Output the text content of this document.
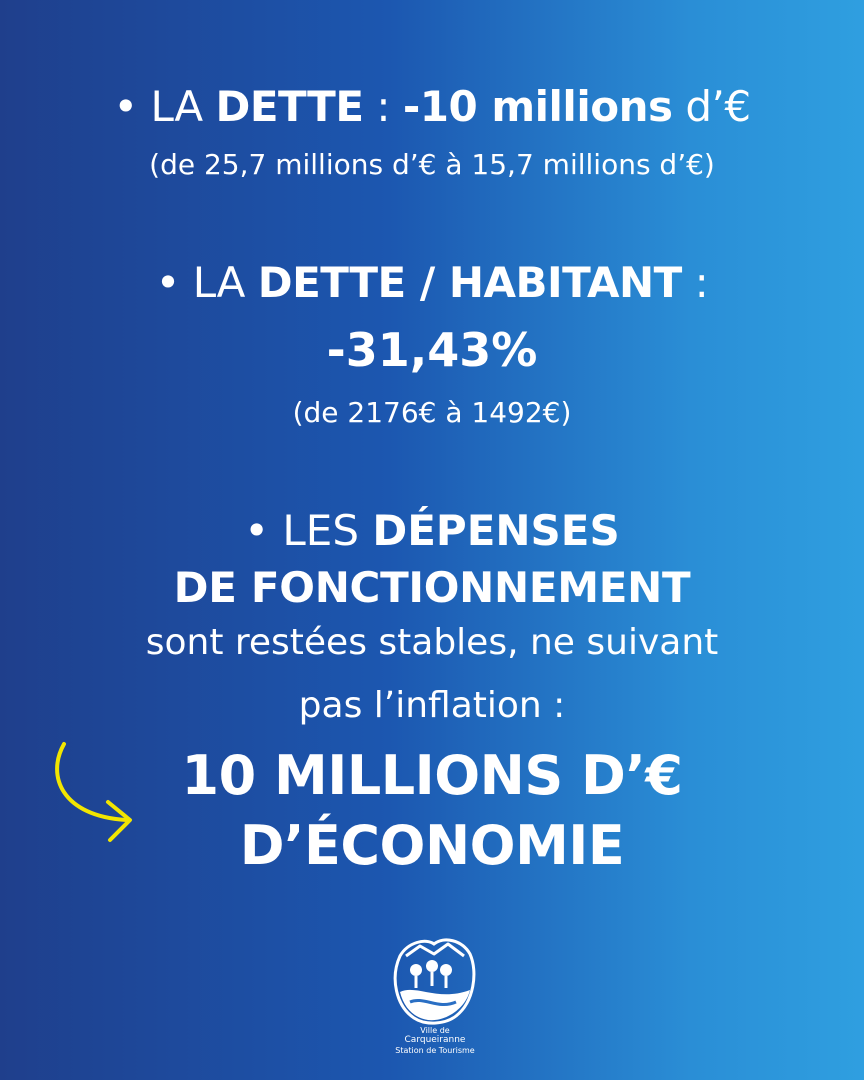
• LA DETTE : -10 millions d’€
(de 25,7 millions d’€ à 15,7 millions d’€)
• LA DETTE / HABITANT :
-31,43%
(de 2176€ à 1492€)
• LES DÉPENSES
DE FONCTIONNEMENT
sont restées stables, ne suivant
pas l’inflation :
10 MILLIONS D’€
D’ÉCONOMIE
Ville de
Carqueiranne
Station de Tourisme
